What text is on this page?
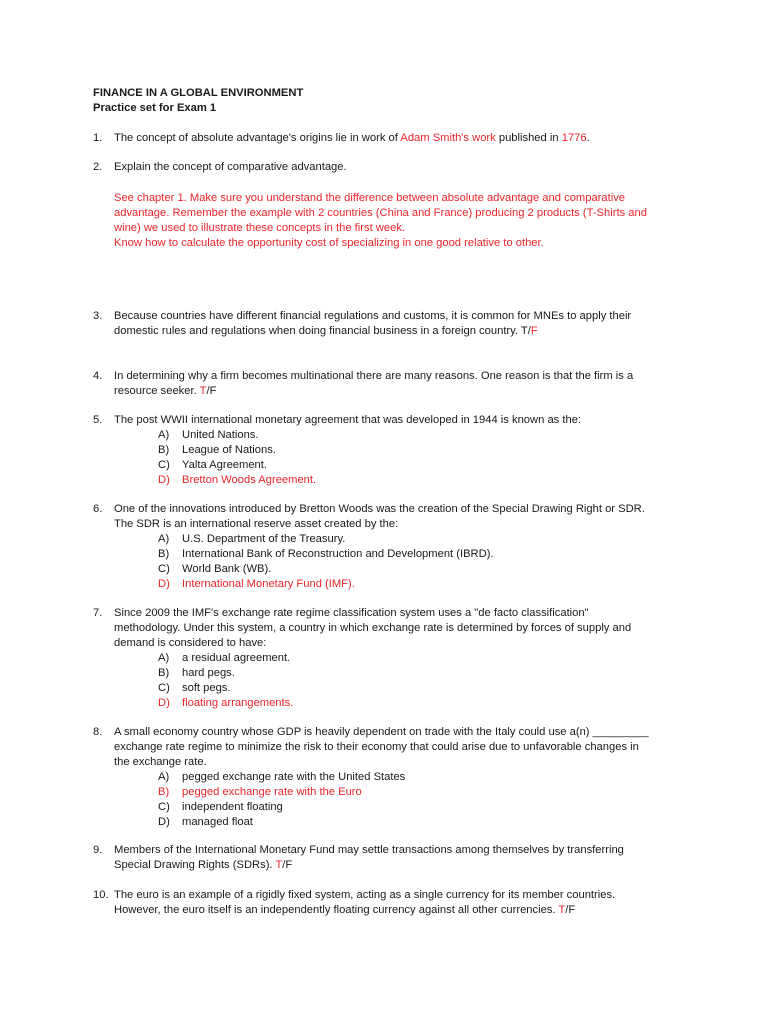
FINANCE IN A GLOBAL ENVIRONMENT
Practice set for Exam 1
1.	The concept of absolute advantage's origins lie in work of Adam Smith's work published in 1776.
2.	Explain the concept of comparative advantage.
3.	Because countries have different financial regulations and customs, it is common for MNEs to apply their
domestic rules and regulations when doing financial business in a foreign country. T/F
4.	In determining why a firm becomes multinational there are many reasons. One reason is that the firm is a
resource seeker. T/F
5.	The post WWII international monetary agreement that was developed in 1944 is known as the:
A) United Nations.
B) League of Nations.
C) Yalta Agreement.
D) Bretton Woods Agreement.
6.	One of the innovations introduced by Bretton Woods was the creation of the Special Drawing Right or SDR.
The SDR is an international reserve asset created by the:
A) U.S. Department of the Treasury.
B) International Bank of Reconstruction and Development (IBRD).
C) World Bank (WB).
D) International Monetary Fund (IMF).
7.	Since 2009 the IMF's exchange rate regime classification system uses a "de facto classification"
methodology. Under this system, a country in which exchange rate is determined by forces of supply and
demand is considered to have:
A) a residual agreement.
B) hard pegs.
C) soft pegs.
D) floating arrangements.
8.	A small economy country whose GDP is heavily dependent on trade with the Italy could use a(n) _________
exchange rate regime to minimize the risk to their economy that could arise due to unfavorable changes in
the exchange rate.
A) pegged exchange rate with the United States
B) pegged exchange rate with the Euro
C) independent floating
D) managed float
9.	Members of the International Monetary Fund may settle transactions among themselves by transferring
Special Drawing Rights (SDRs). T/F
10. The euro is an example of a rigidly fixed system, acting as a single currency for its member countries.
However, the euro itself is an independently floating currency against all other currencies. T/F
See chapter 1. Make sure you understand the difference between absolute advantage and comparative
advantage. Remember the example with 2 countries (China and France) producing 2 products (T-Shirts and
wine) we used to illustrate these concepts in the first week.
Know how to calculate the opportunity cost of specializing in one good relative to other.
